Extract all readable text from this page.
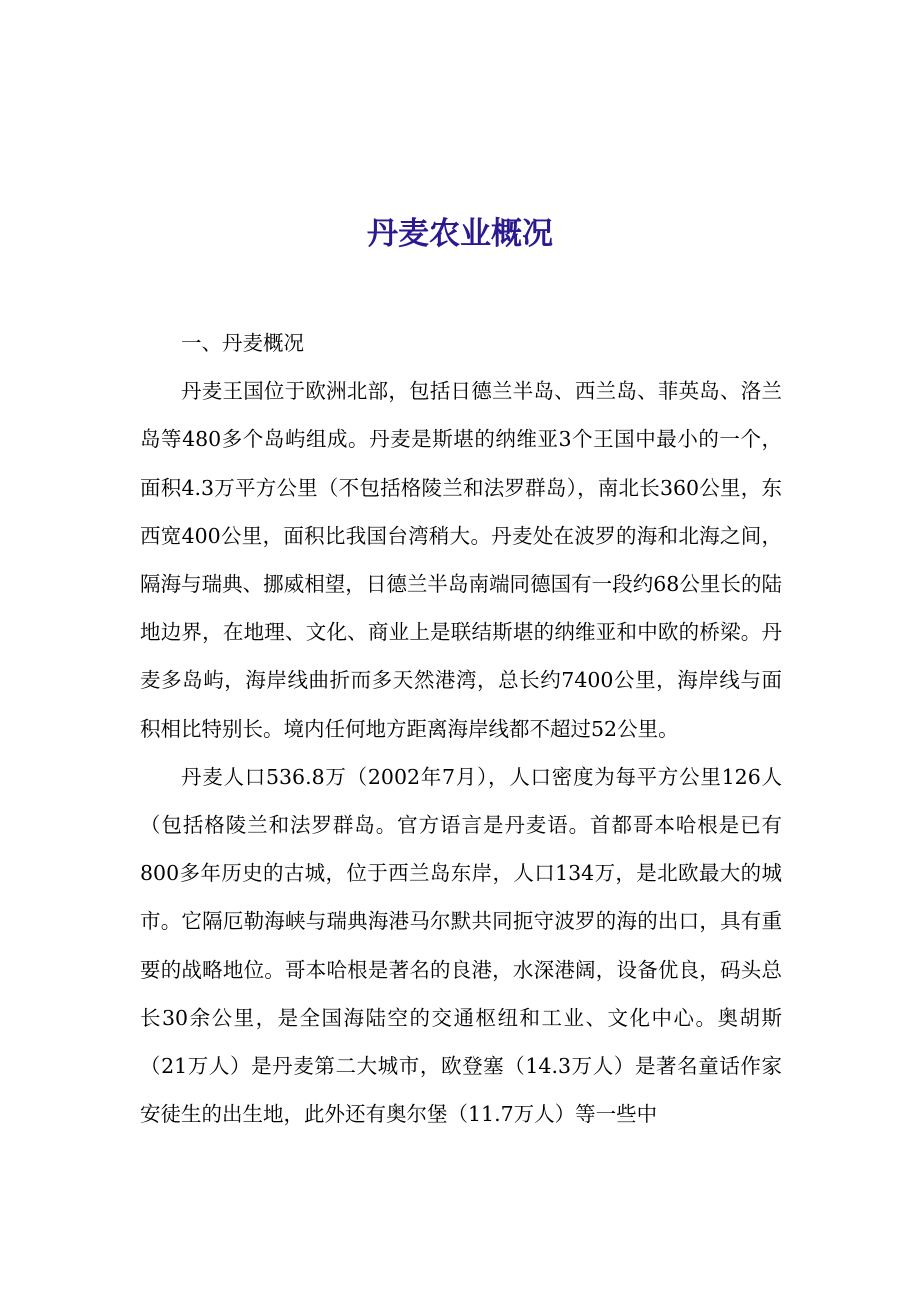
丹麦农业概况

一、丹麦概况

丹麦王国位于欧洲北部，包括日德兰半岛、西兰岛、菲英岛、洛兰岛等480多个岛屿组成。丹麦是斯堪的纳维亚3个王国中最小的一个，面积4.3万平方公里（不包括格陵兰和法罗群岛），南北长360公里，东西宽400公里，面积比我国台湾稍大。丹麦处在波罗的海和北海之间，隔海与瑞典、挪威相望，日德兰半岛南端同德国有一段约68公里长的陆地边界，在地理、文化、商业上是联结斯堪的纳维亚和中欧的桥梁。丹麦多岛屿，海岸线曲折而多天然港湾，总长约7400公里，海岸线与面积相比特别长。境内任何地方距离海岸线都不超过52公里。

丹麦人口536.8万（2002年7月），人口密度为每平方公里126人（包括格陵兰和法罗群岛。官方语言是丹麦语。首都哥本哈根是已有800多年历史的古城，位于西兰岛东岸，人口134万，是北欧最大的城市。它隔厄勒海峡与瑞典海港马尔默共同扼守波罗的海的出口，具有重要的战略地位。哥本哈根是著名的良港，水深港阔，设备优良，码头总长30余公里，是全国海陆空的交通枢纽和工业、文化中心。奥胡斯（21万人）是丹麦第二大城市，欧登塞（14.3万人）是著名童话作家安徒生的出生地，此外还有奥尔堡（11.7万人）等一些中
